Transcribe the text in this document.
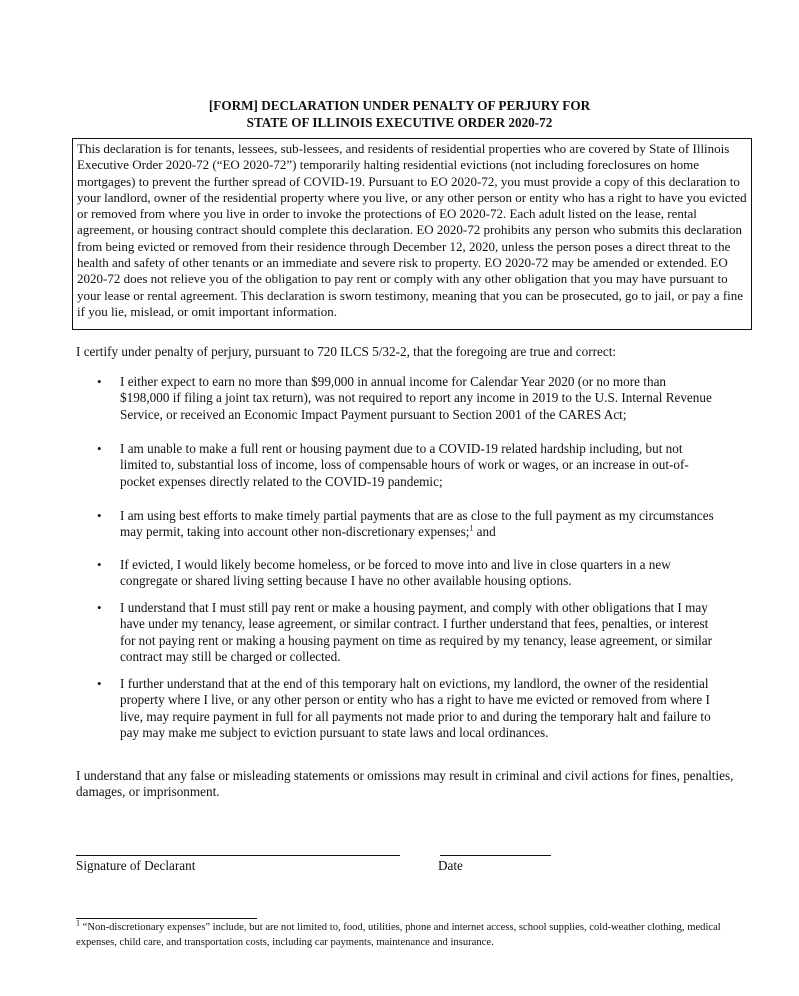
[FORM] DECLARATION UNDER PENALTY OF PERJURY FOR
STATE OF ILLINOIS EXECUTIVE ORDER 2020-72
This declaration is for tenants, lessees, sub-lessees, and residents of residential properties who are covered by State of Illinois Executive Order 2020-72 (“EO 2020-72”) temporarily halting residential evictions (not including foreclosures on home mortgages) to prevent the further spread of COVID-19. Pursuant to EO 2020-72, you must provide a copy of this declaration to your landlord, owner of the residential property where you live, or any other person or entity who has a right to have you evicted or removed from where you live in order to invoke the protections of EO 2020-72. Each adult listed on the lease, rental agreement, or housing contract should complete this declaration. EO 2020-72 prohibits any person who submits this declaration from being evicted or removed from their residence through December 12, 2020, unless the person poses a direct threat to the health and safety of other tenants or an immediate and severe risk to property. EO 2020-72 may be amended or extended. EO 2020-72 does not relieve you of the obligation to pay rent or comply with any other obligation that you may have pursuant to your lease or rental agreement. This declaration is sworn testimony, meaning that you can be prosecuted, go to jail, or pay a fine if you lie, mislead, or omit important information.
I certify under penalty of perjury, pursuant to 720 ILCS 5/32-2, that the foregoing are true and correct:
•	I either expect to earn no more than $99,000 in annual income for Calendar Year 2020 (or no more than $198,000 if filing a joint tax return), was not required to report any income in 2019 to the U.S. Internal Revenue Service, or received an Economic Impact Payment pursuant to Section 2001 of the CARES Act;
•	I am unable to make a full rent or housing payment due to a COVID-19 related hardship including, but not limited to, substantial loss of income, loss of compensable hours of work or wages, or an increase in out-of-pocket expenses directly related to the COVID-19 pandemic;
•	I am using best efforts to make timely partial payments that are as close to the full payment as my circumstances may permit, taking into account other non-discretionary expenses;$^1$ and
•	If evicted, I would likely become homeless, or be forced to move into and live in close quarters in a new congregate or shared living setting because I have no other available housing options.
•	I understand that I must still pay rent or make a housing payment, and comply with other obligations that I may have under my tenancy, lease agreement, or similar contract. I further understand that fees, penalties, or interest for not paying rent or making a housing payment on time as required by my tenancy, lease agreement, or similar contract may still be charged or collected.
•	I further understand that at the end of this temporary halt on evictions, my landlord, the owner of the residential property where I live, or any other person or entity who has a right to have me evicted or removed from where I live, may require payment in full for all payments not made prior to and during the temporary halt and failure to pay may make me subject to eviction pursuant to state laws and local ordinances.
I understand that any false or misleading statements or omissions may result in criminal and civil actions for fines, penalties, damages, or imprisonment.
Signature of Declarant	Date
$^1$ “Non-discretionary expenses” include, but are not limited to, food, utilities, phone and internet access, school supplies, cold-weather clothing, medical expenses, child care, and transportation costs, including car payments, maintenance and insurance.
